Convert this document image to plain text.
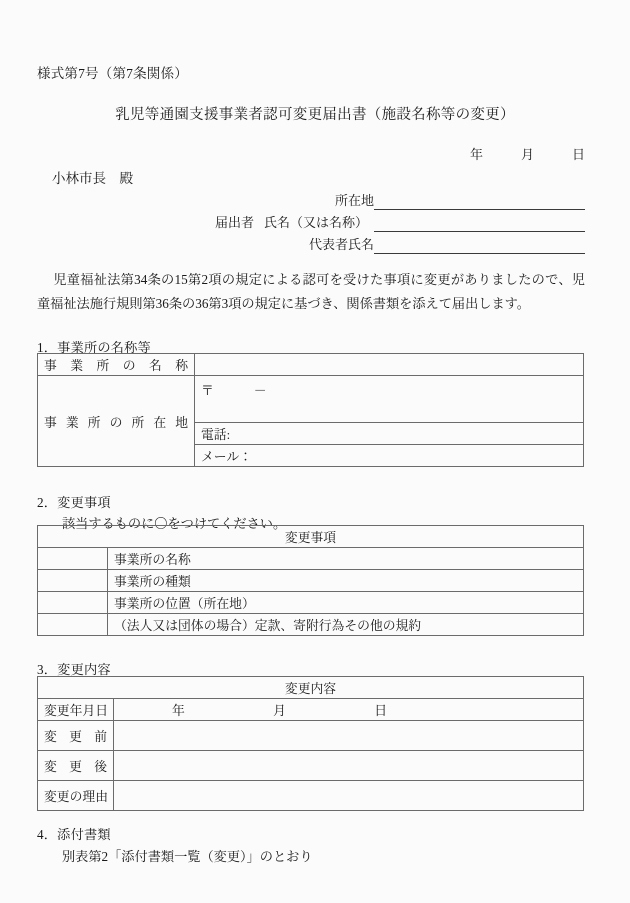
様式第7号（第7条関係）
乳児等通園支援事業者認可変更届出書（施設名称等の変更）
年	月	日
小林市長　殿
所在地
届出者 氏名（又は名称）
代表者氏名
児童福祉法第34条の15第2項の規定による認可を受けた事項に変更がありましたので、児童福祉法施行規則第36条の36第3項の規定に基づき、関係書類を添えて届出します。
1．事業所の名称等
事業所の名称	
事業所の所在地	〒 －

	電話:
	メール：
2．変更事項
該当するものに〇をつけてください。
変更事項	
	事業所の名称
	事業所の種類
	事業所の位置（所在地）
	（法人又は団体の場合）定款、寄附行為その他の規約
3．変更内容
変更内容	
変更年月日	年 月 日

変更前	
変更後	
変更の理由	
4．添付書類
別表第2「添付書類一覧（変更）」のとおり
